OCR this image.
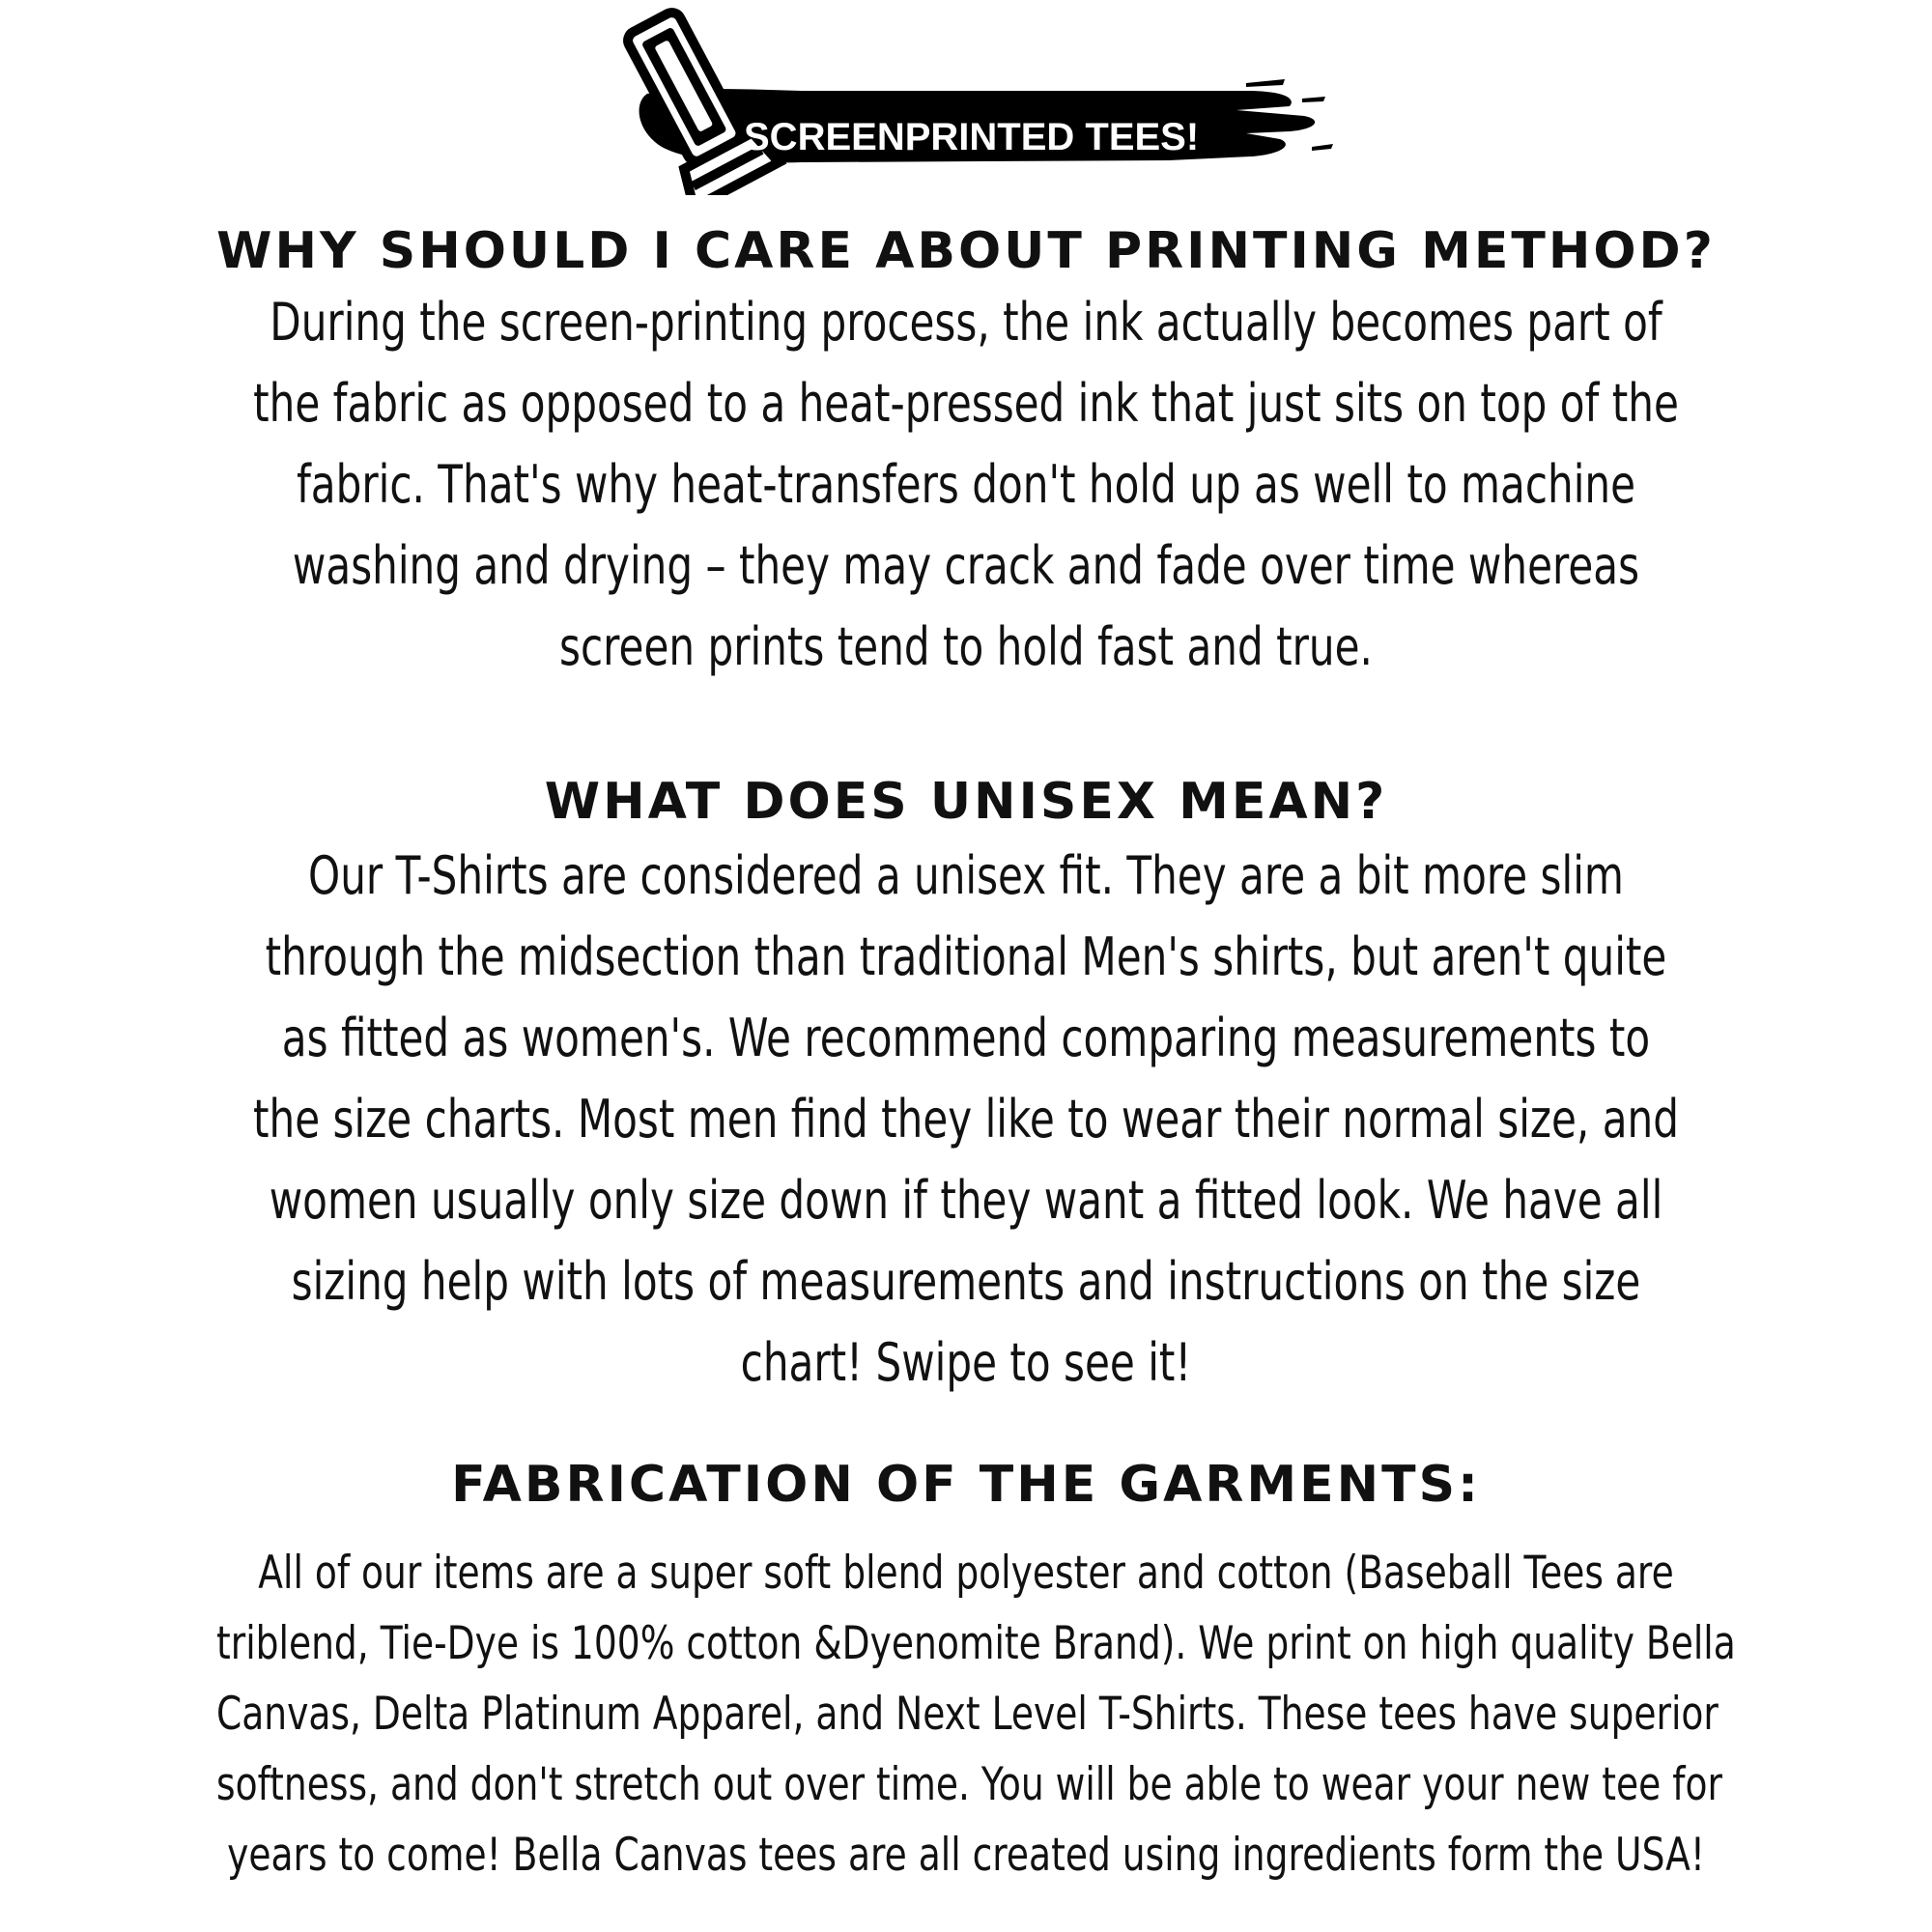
SCREENPRINTED TEES!
WHY SHOULD I CARE ABOUT PRINTING METHOD?
During the screen-printing process, the ink actually becomes part of
the fabric as opposed to a heat-pressed ink that just sits on top of the
fabric. That's why heat-transfers don't hold up as well to machine
washing and drying – they may crack and fade over time whereas
screen prints tend to hold fast and true.
WHAT DOES UNISEX MEAN?
Our T-Shirts are considered a unisex fit. They are a bit more slim
through the midsection than traditional Men's shirts, but aren't quite
as fitted as women's. We recommend comparing measurements to
the size charts. Most men find they like to wear their normal size, and
women usually only size down if they want a fitted look. We have all
sizing help with lots of measurements and instructions on the size
chart! Swipe to see it!
FABRICATION OF THE GARMENTS:
All of our items are a super soft blend polyester and cotton (Baseball Tees are
triblend, Tie-Dye is 100% cotton &Dyenomite Brand). We print on high quality Bella
Canvas, Delta Platinum Apparel, and Next Level T-Shirts. These tees have superior
softness, and don't stretch out over time. You will be able to wear your new tee for
years to come! Bella Canvas tees are all created using ingredients form the USA!
